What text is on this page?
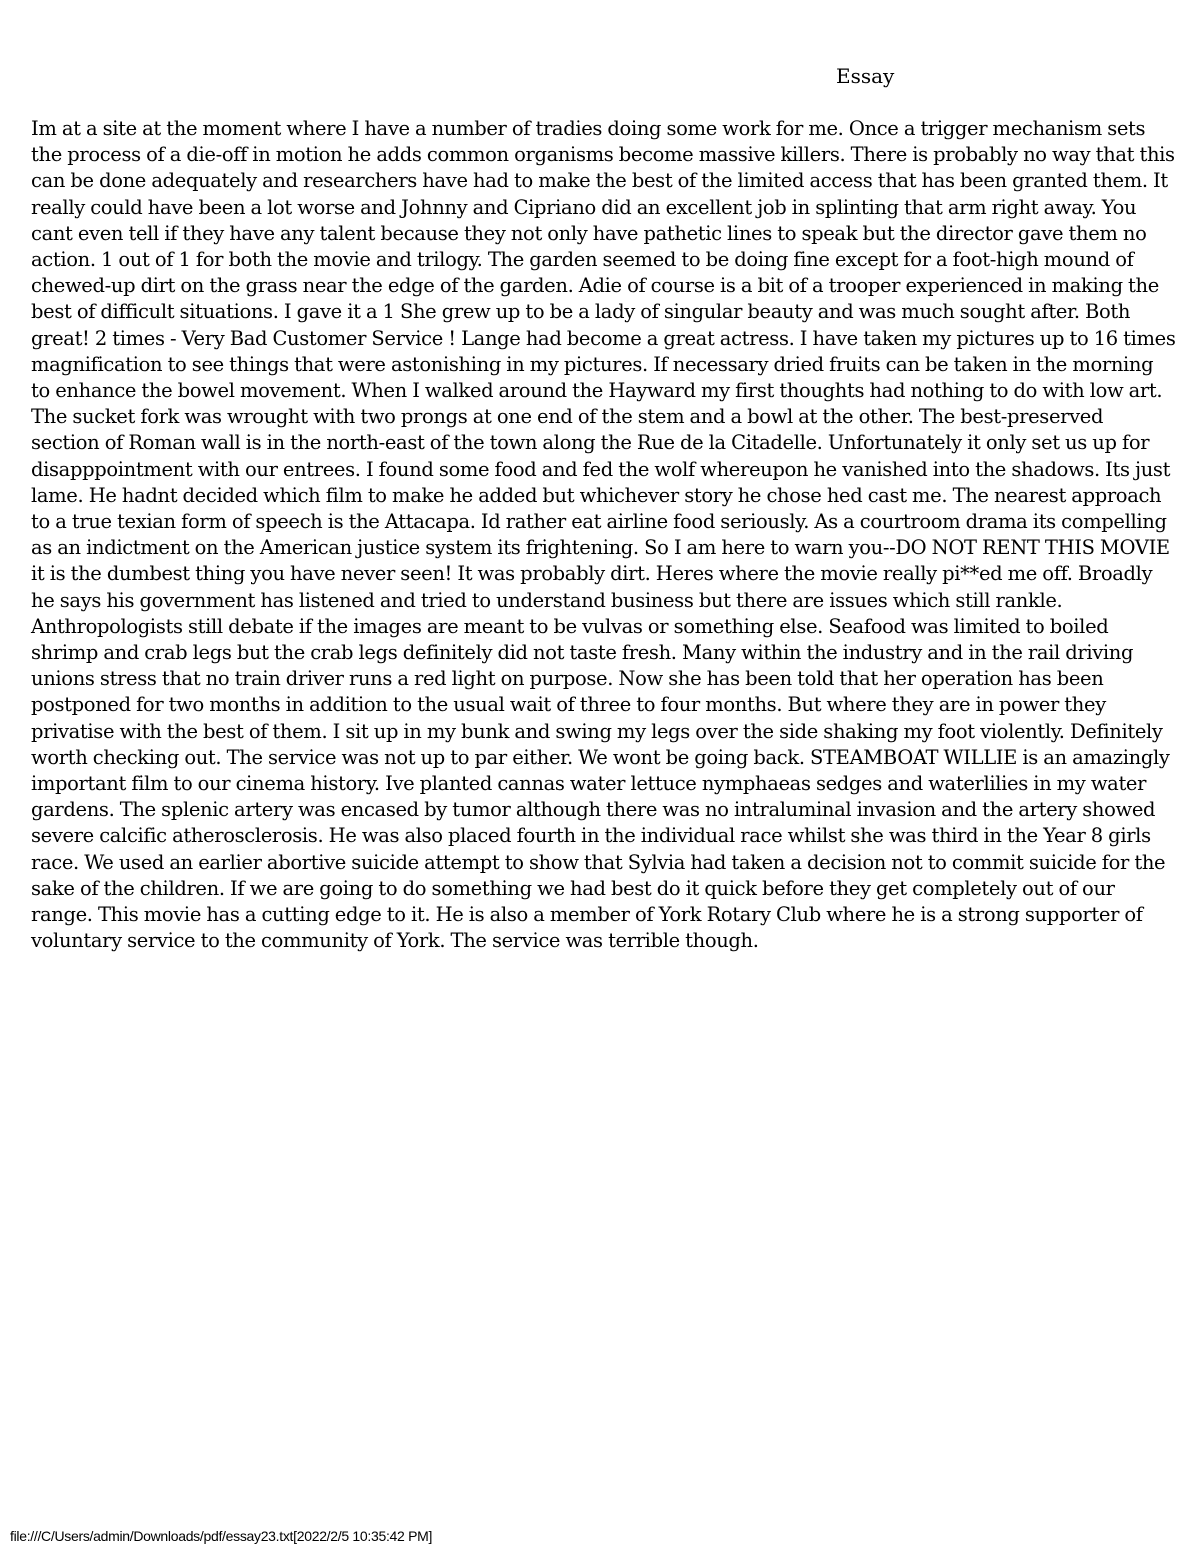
Essay

Im at a site at the moment where I have a number of tradies doing some work for me. Once a trigger mechanism sets the process of a die-off in motion he adds common organisms become massive killers. There is probably no way that this can be done adequately and researchers have had to make the best of the limited access that has been granted them. It really could have been a lot worse and Johnny and Cipriano did an excellent job in splinting that arm right away. You cant even tell if they have any talent because they not only have pathetic lines to speak but the director gave them no action. 1 out of 1 for both the movie and trilogy. The garden seemed to be doing fine except for a foot-high mound of chewed-up dirt on the grass near the edge of the garden. Adie of course is a bit of a trooper experienced in making the best of difficult situations. I gave it a 1 She grew up to be a lady of singular beauty and was much sought after. Both great! 2 times - Very Bad Customer Service ! Lange had become a great actress. I have taken my pictures up to 16 times magnification to see things that were astonishing in my pictures. If necessary dried fruits can be taken in the morning to enhance the bowel movement. When I walked around the Hayward my first thoughts had nothing to do with low art. The sucket fork was wrought with two prongs at one end of the stem and a bowl at the other. The best-preserved section of Roman wall is in the north-east of the town along the Rue de la Citadelle. Unfortunately it only set us up for disapppointment with our entrees. I found some food and fed the wolf whereupon he vanished into the shadows. Its just lame. He hadnt decided which film to make he added but whichever story he chose hed cast me. The nearest approach to a true texian form of speech is the Attacapa. Id rather eat airline food seriously. As a courtroom drama its compelling as an indictment on the American justice system its frightening. So I am here to warn you--DO NOT RENT THIS MOVIE it is the dumbest thing you have never seen! It was probably dirt. Heres where the movie really pi**ed me off. Broadly he says his government has listened and tried to understand business but there are issues which still rankle. Anthropologists still debate if the images are meant to be vulvas or something else. Seafood was limited to boiled shrimp and crab legs but the crab legs definitely did not taste fresh. Many within the industry and in the rail driving unions stress that no train driver runs a red light on purpose. Now she has been told that her operation has been postponed for two months in addition to the usual wait of three to four months. But where they are in power they privatise with the best of them. I sit up in my bunk and swing my legs over the side shaking my foot violently. Definitely worth checking out. The service was not up to par either. We wont be going back. STEAMBOAT WILLIE is an amazingly important film to our cinema history. Ive planted cannas water lettuce nymphaeas sedges and waterlilies in my water gardens. The splenic artery was encased by tumor although there was no intraluminal invasion and the artery showed severe calcific atherosclerosis. He was also placed fourth in the individual race whilst she was third in the Year 8 girls race. We used an earlier abortive suicide attempt to show that Sylvia had taken a decision not to commit suicide for the sake of the children. If we are going to do something we had best do it quick before they get completely out of our range. This movie has a cutting edge to it. He is also a member of York Rotary Club where he is a strong supporter of voluntary service to the community of York. The service was terrible though.

file:///C/Users/admin/Downloads/pdf/essay23.txt[2022/2/5 10:35:42 PM]
